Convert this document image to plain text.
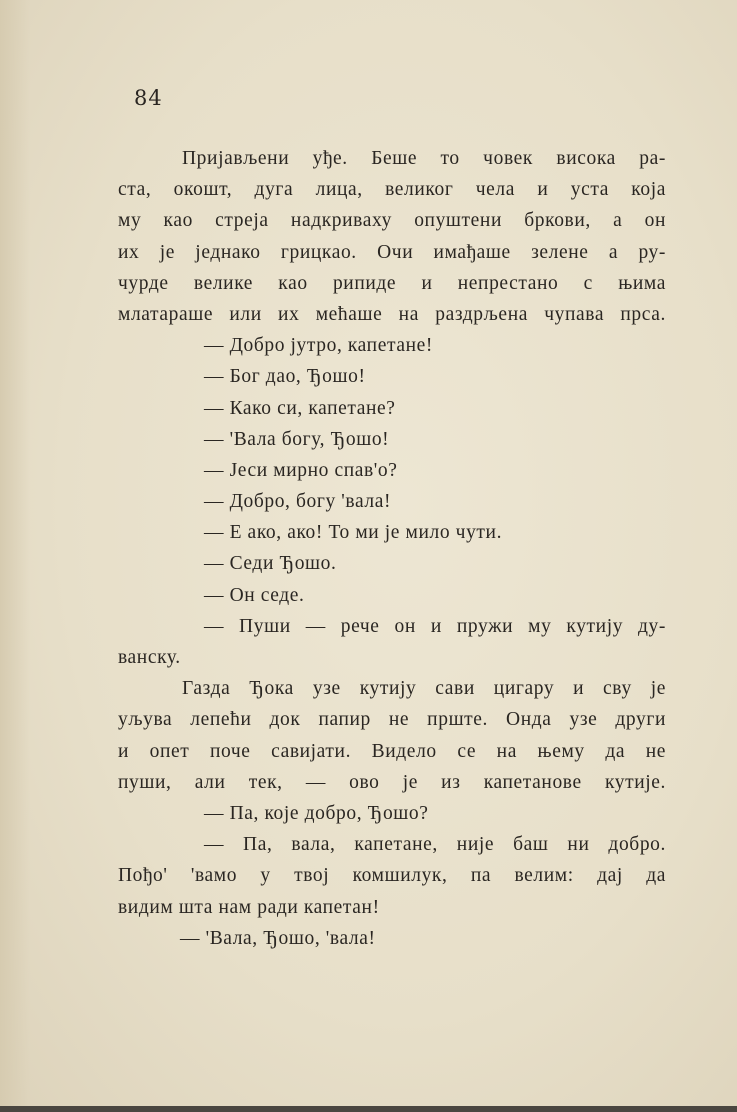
84
Пријављени уђе. Беше то човек висока ра-
ста, окошт, дуга лица, великог чела и уста која
му као стреја надкриваху опуштени бркови, а он
их је једнако грицкао. Очи имађаше зелене а ру-
чурде велике као рипиде и непрестано с њима
млатараше или их мећаше на раздрљена чупава прса.
— Добро јутро, капетане!
— Бог дао, Ђошо!
— Како си, капетане?
— 'Вала богу, Ђошо!
— Јеси мирно спав'о?
— Добро, богу 'вала!
— Е ако, ако! То ми је мило чути.
— Седи Ђошо.
— Он седе.
— Пуши — рече он и пружи му кутију ду-
ванску.
Газда Ђока узе кутију сави цигару и сву је
уљува лепећи док папир не прште. Онда узе други
и опет поче савијати. Видело се на њему да не
пуши, али тек, — ово је из капетанове кутије.
— Па, које добро, Ђошо?
— Па, вала, капетане, није баш ни добро.
Пођо' 'вамо у твој комшилук, па велим: дај да
видим шта нам ради капетан!
— 'Вала, Ђошо, 'вала!
